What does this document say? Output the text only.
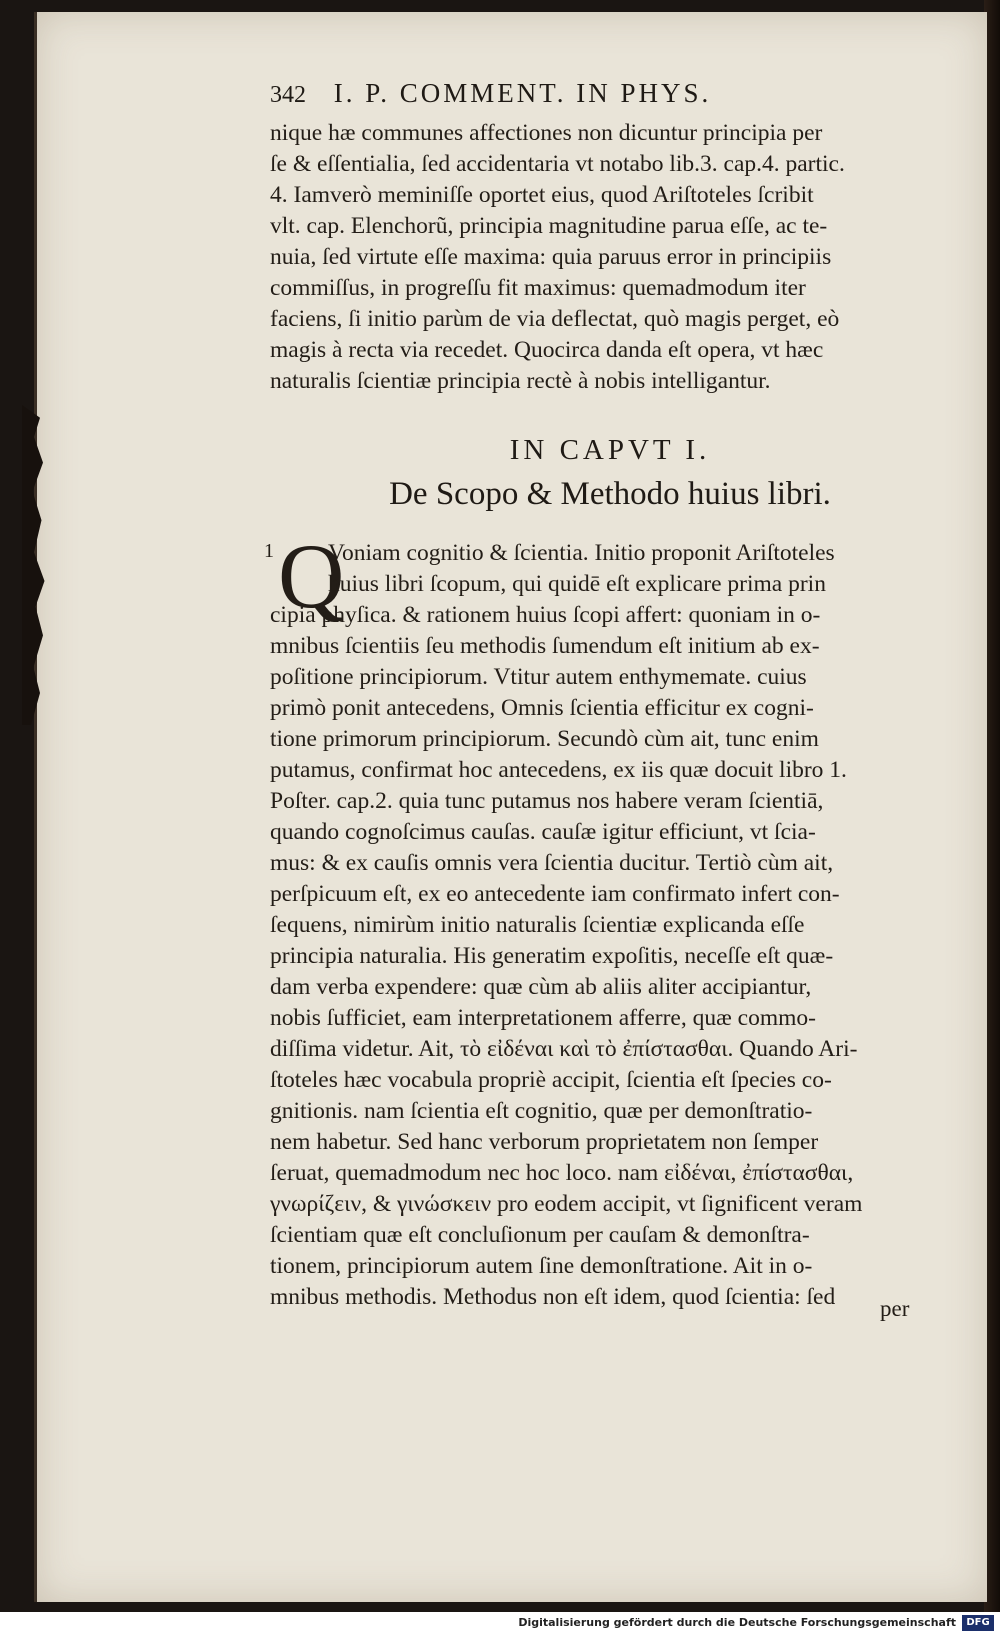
342 I. P. COMMENT. IN PHYS.

nique hæ communes affectiones non dicuntur principia per

ſe & eſſentialia, ſed accidentaria vt notabo lib.3. cap.4. partic.

4. Iamverò meminiſſe oportet eius, quod Ariſtoteles ſcribit

vlt. cap. Elenchorũ, principia magnitudine parua eſſe, ac te-

nuia, ſed virtute eſſe maxima: quia paruus error in principiis

commiſſus, in progreſſu fit maximus: quemadmodum iter

faciens, ſi initio parùm de via deflectat, quò magis perget, eò

magis à recta via recedet. Quocirca danda eſt opera, vt hæc

naturalis ſcientiæ principia rectè à nobis intelligantur.

IN CAPVT I.
De Scopo & Methodo huius libri.
1 Q

Voniam cognitio & ſcientia. Initio proponit Ariſtoteles

huius libri ſcopum, qui quidē eſt explicare prima prin

cipia phyſica. & rationem huius ſcopi affert: quoniam in o-

mnibus ſcientiis ſeu methodis ſumendum eſt initium ab ex-

poſitione principiorum. Vtitur autem enthymemate. cuius

primò ponit antecedens, Omnis ſcientia efficitur ex cogni-

tione primorum principiorum. Secundò cùm ait, tunc enim

putamus, confirmat hoc antecedens, ex iis quæ docuit libro 1.

Poſter. cap.2. quia tunc putamus nos habere veram ſcientiā,

quando cognoſcimus cauſas. cauſæ igitur efficiunt, vt ſcia-

mus: & ex cauſis omnis vera ſcientia ducitur. Tertiò cùm ait,

perſpicuum eſt, ex eo antecedente iam confirmato infert con-

ſequens, nimirùm initio naturalis ſcientiæ explicanda eſſe

principia naturalia. His generatim expoſitis, neceſſe eſt quæ-

dam verba expendere: quæ cùm ab aliis aliter accipiantur,

nobis ſufficiet, eam interpretationem afferre, quæ commo-

diſſima videtur. Ait, τὸ εἰδέναι καὶ τὸ ἐπίστασθαι. Quando Ari-

ſtoteles hæc vocabula propriè accipit, ſcientia eſt ſpecies co-

gnitionis. nam ſcientia eſt cognitio, quæ per demonſtratio-

nem habetur. Sed hanc verborum proprietatem non ſemper

ſeruat, quemadmodum nec hoc loco. nam εἰδέναι, ἐπίστασθαι,

γνωρίζειν, & γινώσκειν pro eodem accipit, vt ſignificent veram

ſcientiam quæ eſt concluſionum per cauſam & demonſtra-

tionem, principiorum autem ſine demonſtratione. Ait in o-

mnibus methodis. Methodus non eſt idem, quod ſcientia: ſed	per
Digitalisierung gefördert durch die Deutsche Forschungsgemeinschaft	DFG
